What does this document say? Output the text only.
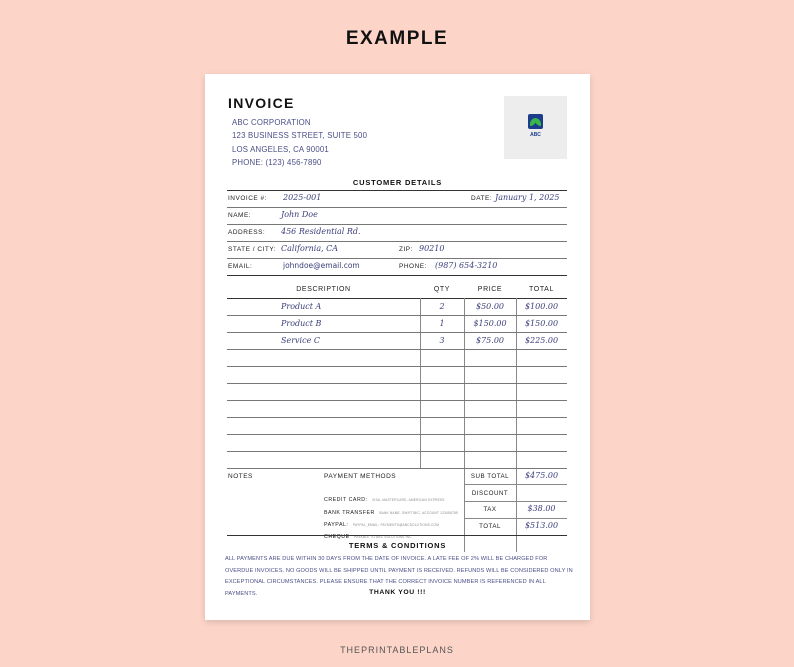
EXAMPLE
INVOICE
ABC CORPORATION
123 BUSINESS STREET, SUITE 500
LOS ANGELES, CA 90001
PHONE: (123) 456-7890
ABC
CUSTOMER DETAILS
INVOICE #: 2025-001	DATE: January 1, 2025
NAME:	John Doe
ADDRESS: 456 Residential Rd.
STATE / CITY: California, CA	ZIP: 90210
EMAIL:	johndoe@email.com	PHONE: (987) 654-3210
DESCRIPTION	QTY	PRICE	TOTAL
Product A	2	$50.00	$100.00
Product B	1	$150.00	$150.00
Service C	3	$75.00	$225.00
NOTES	PAYMENT METHODS
CREDIT CARD: VISA, MASTERCARD, AMERICAN EXPRESS
BANK TRANSFER BANK NAME, SWIFT/BIC, ACCOUNT 123456789
PAYPAL: PAYPAL_EMAIL: PAYMENTS@ABCSOLUTIONS.COM
CHEQUE PAYABLE TO ABC SOLUTIONS INC
SUB TOTAL	$475.00
DISCOUNT
TAX	$38.00
TOTAL	$513.00
TERMS & CONDITIONS
ALL PAYMENTS ARE DUE WITHIN 30 DAYS FROM THE DATE OF INVOICE. A LATE FEE OF 2% WILL BE CHARGED FOR OVERDUE INVOICES. NO GOODS WILL BE SHIPPED UNTIL PAYMENT IS RECEIVED. REFUNDS WILL BE CONSIDERED ONLY IN EXCEPTIONAL CIRCUMSTANCES. PLEASE ENSURE THAT THE CORRECT INVOICE NUMBER IS REFERENCED IN ALL PAYMENTS.	THANK YOU !!!
THEPRINTABLEPLANS
